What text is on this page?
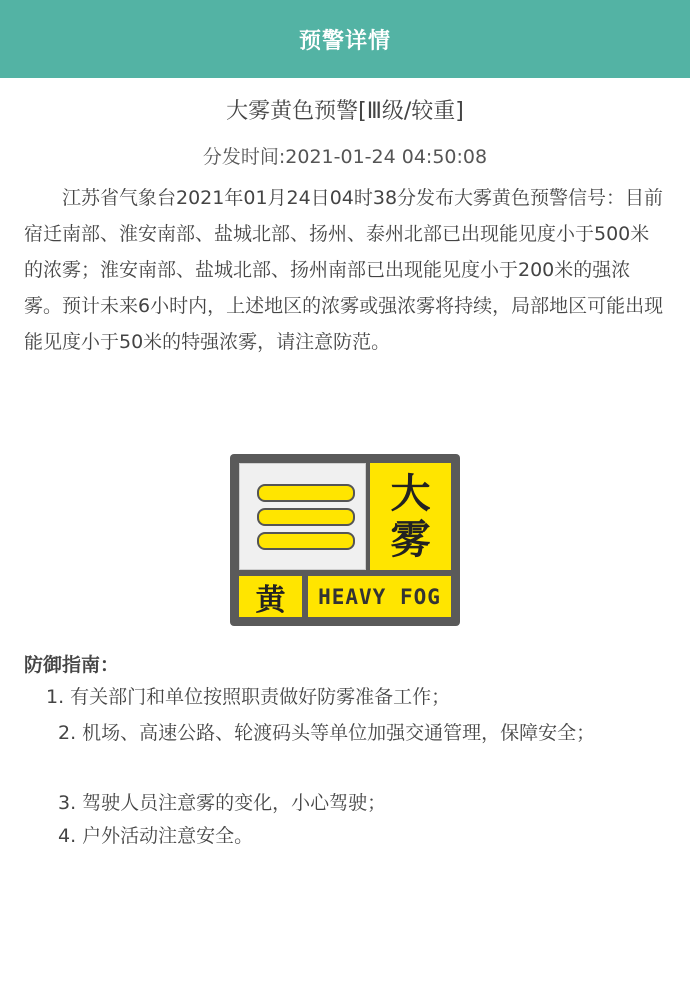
预警详情
大雾黄色预警[Ⅲ级/较重]
分发时间:2021-01-24 04:50:08

江苏省气象台2021年01月24日04时38分发布大雾黄色预警信号：目前宿迁南部、淮安南部、盐城北部、扬州、泰州北部已出现能见度小于500米的浓雾；淮安南部、盐城北部、扬州南部已出现能见度小于200米的强浓雾。预计未来6小时内，上述地区的浓雾或强浓雾将持续，局部地区可能出现能见度小于50米的特强浓雾，请注意防范。

大
雾
黄	HEAVY FOG
防御指南：

1. 有关部门和单位按照职责做好防雾准备工作；

2. 机场、高速公路、轮渡码头等单位加强交通管理，保障安全；

3. 驾驶人员注意雾的变化，小心驾驶；

4. 户外活动注意安全。
